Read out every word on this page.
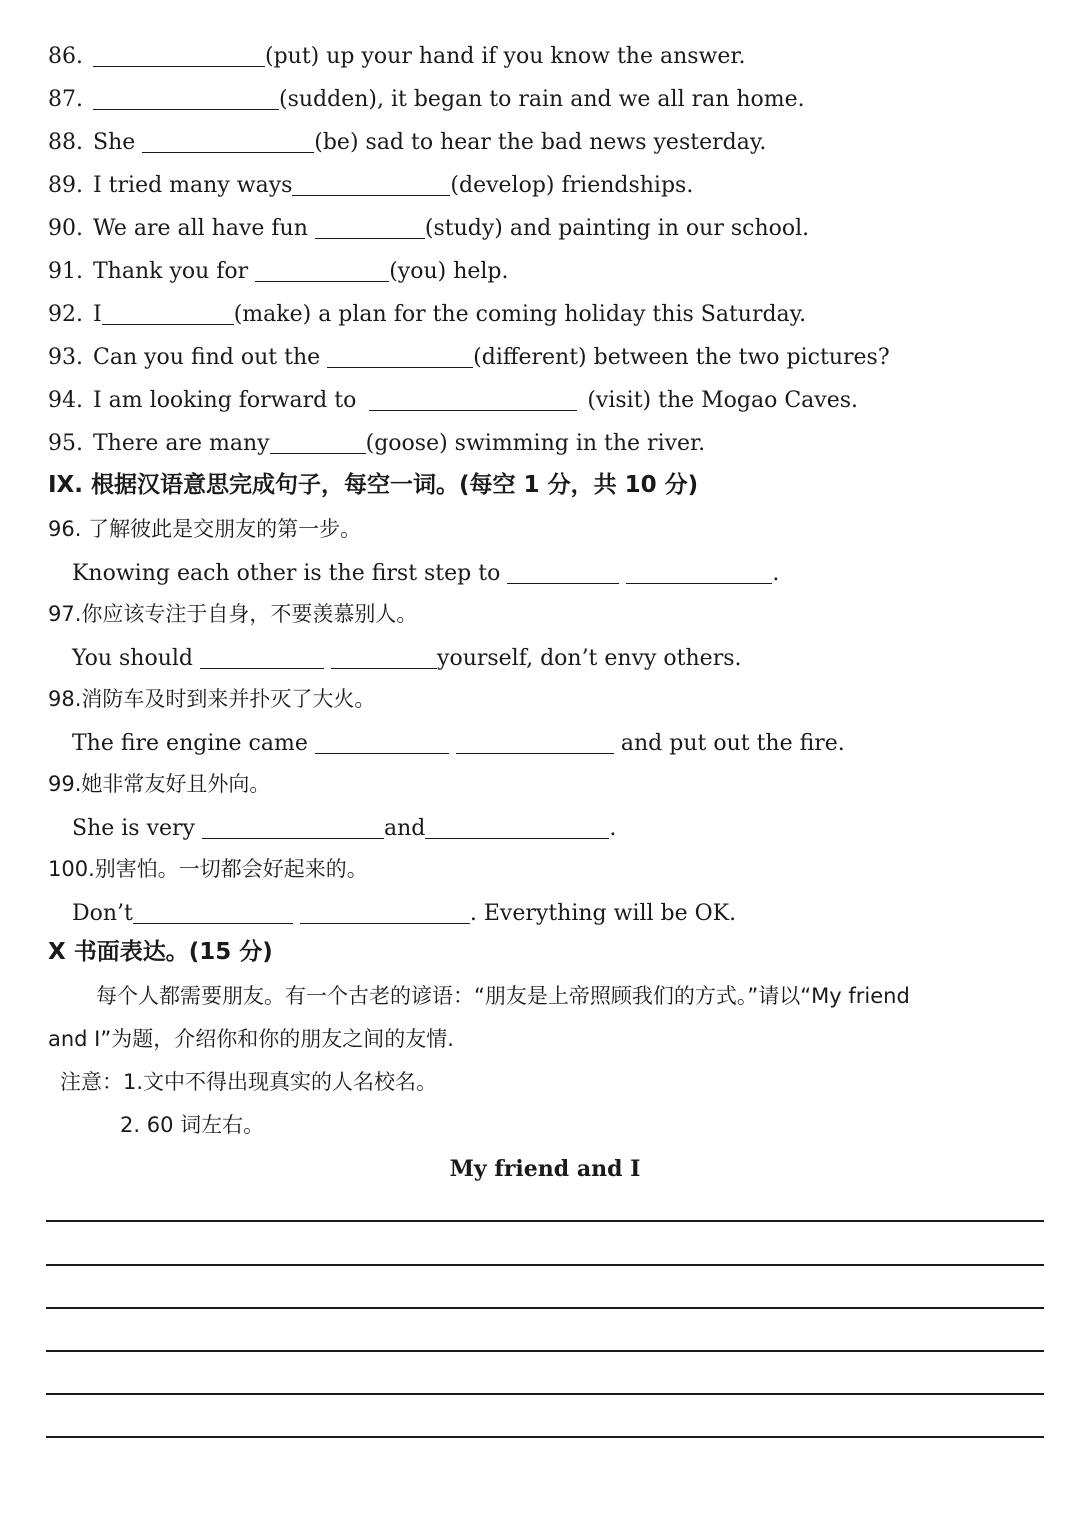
86.	(put) up your hand if you know the answer.
87.	(sudden), it began to rain and we all ran home.
88. She	(be) sad to hear the bad news yesterday.
89. I tried many ways	(develop) friendships.
90. We are all have fun	(study) and painting in our school.
91. Thank you for	(you) help.
92. I	(make) a plan for the coming holiday this Saturday.
93. Can you find out the	(different) between the two pictures?
94. I am looking forward to	(visit) the Mogao Caves.
95. There are many	(goose) swimming in the river.
IX. 根据汉语意思完成句子，每空一词。(每空 1 分，共 10 分)
96. 了解彼此是交朋友的第一步。
Knowing each other is the first step to	.
97.你应该专注于自身，不要羡慕别人。
You should	yourself, don’t envy others.
98.消防车及时到来并扑灭了大火。
The fire engine came	and put out the fire.
99.她非常友好且外向。
She is very	and	.
100.别害怕。一切都会好起来的。
Don’t	. Everything will be OK.
X 书面表达。(15 分)
每个人都需要朋友。有一个古老的谚语：“朋友是上帝照顾我们的方式。”请以“My friend
and I”为题，介绍你和你的朋友之间的友情.
注意：1.文中不得出现真实的人名校名。
2. 60 词左右。
My friend and I
